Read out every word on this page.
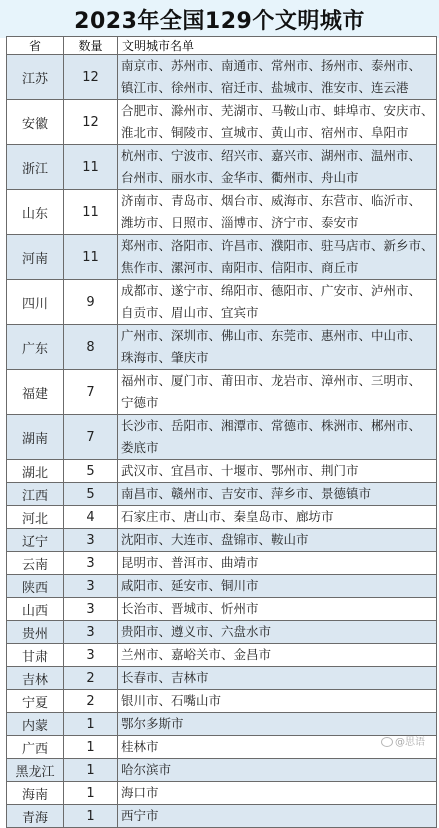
2023年全国129个文明城市
省	数量	文明城市名单
江苏	12	南京市、苏州市、南通市、常州市、扬州市、泰州市、
镇江市、徐州市、宿迁市、盐城市、淮安市、连云港

安徽	12	合肥市、滁州市、芜湖市、马鞍山市、蚌埠市、安庆市、
淮北市、铜陵市、宣城市、黄山市、宿州市、阜阳市

浙江	11	杭州市、宁波市、绍兴市、嘉兴市、湖州市、温州市、
台州市、丽水市、金华市、衢州市、舟山市

山东	11	济南市、青岛市、烟台市、威海市、东营市、临沂市、
潍坊市、日照市、淄博市、济宁市、泰安市

河南	11	郑州市、洛阳市、许昌市、濮阳市、驻马店市、新乡市、
焦作市、漯河市、南阳市、信阳市、商丘市

四川	9	成都市、遂宁市、绵阳市、德阳市、广安市、泸州市、
自贡市、眉山市、宜宾市

广东	8	广州市、深圳市、佛山市、东莞市、惠州市、中山市、
珠海市、肇庆市

福建	7	福州市、厦门市、莆田市、龙岩市、漳州市、三明市、
宁德市

湖南	7	长沙市、岳阳市、湘潭市、常德市、株洲市、郴州市、
娄底市

湖北	5	武汉市、宜昌市、十堰市、鄂州市、荆门市

江西	5	南昌市、赣州市、吉安市、萍乡市、景德镇市

河北	4	石家庄市、唐山市、秦皇岛市、廊坊市

辽宁	3	沈阳市、大连市、盘锦市、鞍山市

云南	3	昆明市、普洱市、曲靖市

陕西	3	咸阳市、延安市、铜川市

山西	3	长治市、晋城市、忻州市

贵州	3	贵阳市、遵义市、六盘水市

甘肃	3	兰州市、嘉峪关市、金昌市

吉林	2	长春市、吉林市

宁夏	2	银川市、石嘴山市

内蒙	1	鄂尔多斯市

广西	1	桂林市

黑龙江	1	哈尔滨市

海南	1	海口市

青海	1	西宁市
@思语
